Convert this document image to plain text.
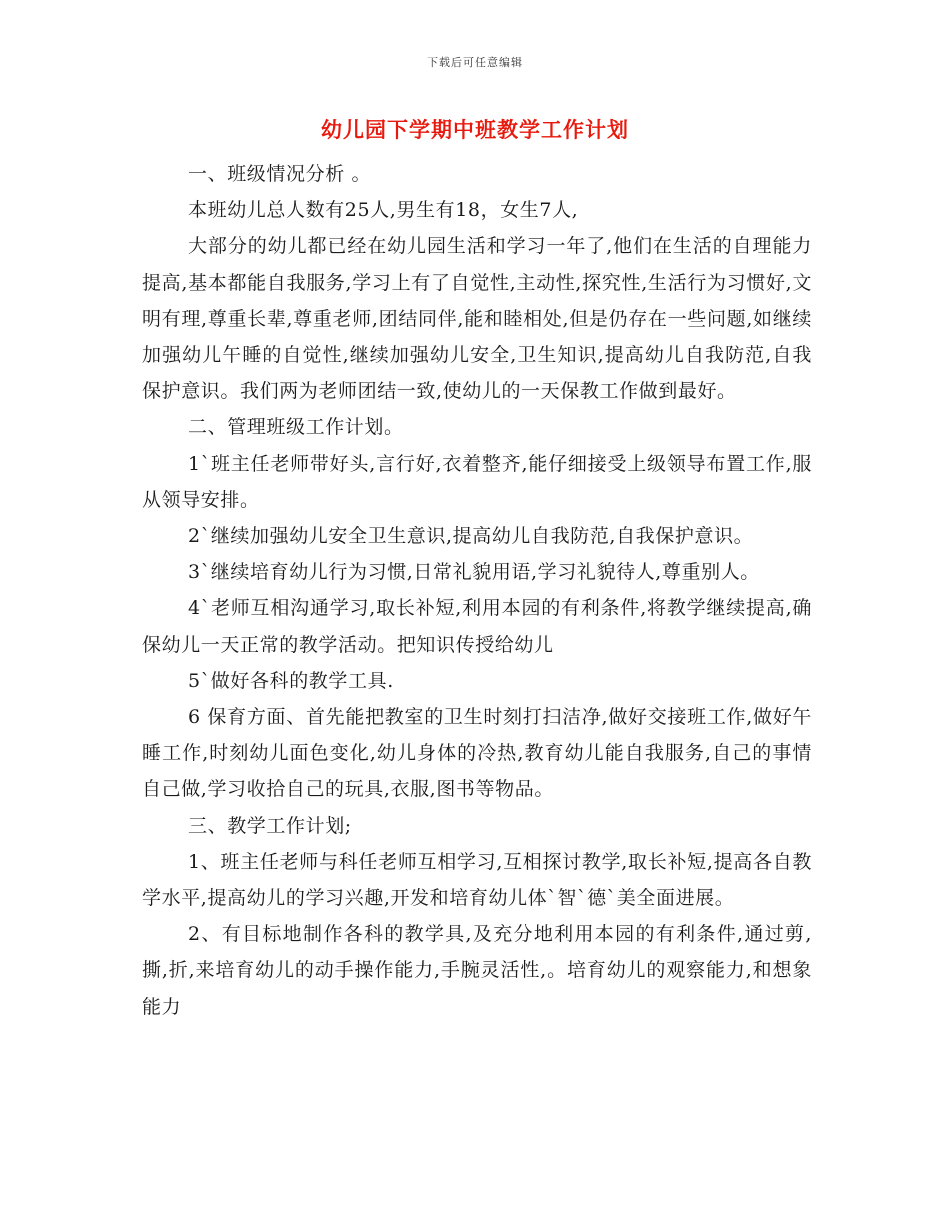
下载后可任意编辑
幼儿园下学期中班教学工作计划

一、班级情况分析 。

本班幼儿总人数有25人,男生有18，女生7人,

大部分的幼儿都已经在幼儿园生活和学习一年了,他们在生活的自理能力提高,基本都能自我服务,学习上有了自觉性,主动性,探究性,生活行为习惯好,文明有理,尊重长辈,尊重老师,团结同伴,能和睦相处,但是仍存在一些问题,如继续加强幼儿午睡的自觉性,继续加强幼儿安全,卫生知识,提高幼儿自我防范,自我保护意识。我们两为老师团结一致,使幼儿的一天保教工作做到最好。

二、管理班级工作计划。

1`班主任老师带好头,言行好,衣着整齐,能仔细接受上级领导布置工作,服从领导安排。

2`继续加强幼儿安全卫生意识,提高幼儿自我防范,自我保护意识。

3`继续培育幼儿行为习惯,日常礼貌用语,学习礼貌待人,尊重别人。

4`老师互相沟通学习,取长补短,利用本园的有利条件,将教学继续提高,确保幼儿一天正常的教学活动。把知识传授给幼儿

5`做好各科的教学工具.

6 保育方面、首先能把教室的卫生时刻打扫洁净,做好交接班工作,做好午睡工作,时刻幼儿面色变化,幼儿身体的冷热,教育幼儿能自我服务,自己的事情自己做,学习收拾自己的玩具,衣服,图书等物品。

三、教学工作计划;

1、班主任老师与科任老师互相学习,互相探讨教学,取长补短,提高各自教学水平,提高幼儿的学习兴趣,开发和培育幼儿体`智`德`美全面进展。

2、有目标地制作各科的教学具,及充分地利用本园的有利条件,通过剪,撕,折,来培育幼儿的动手操作能力,手腕灵活性,。培育幼儿的观察能力,和想象能力
